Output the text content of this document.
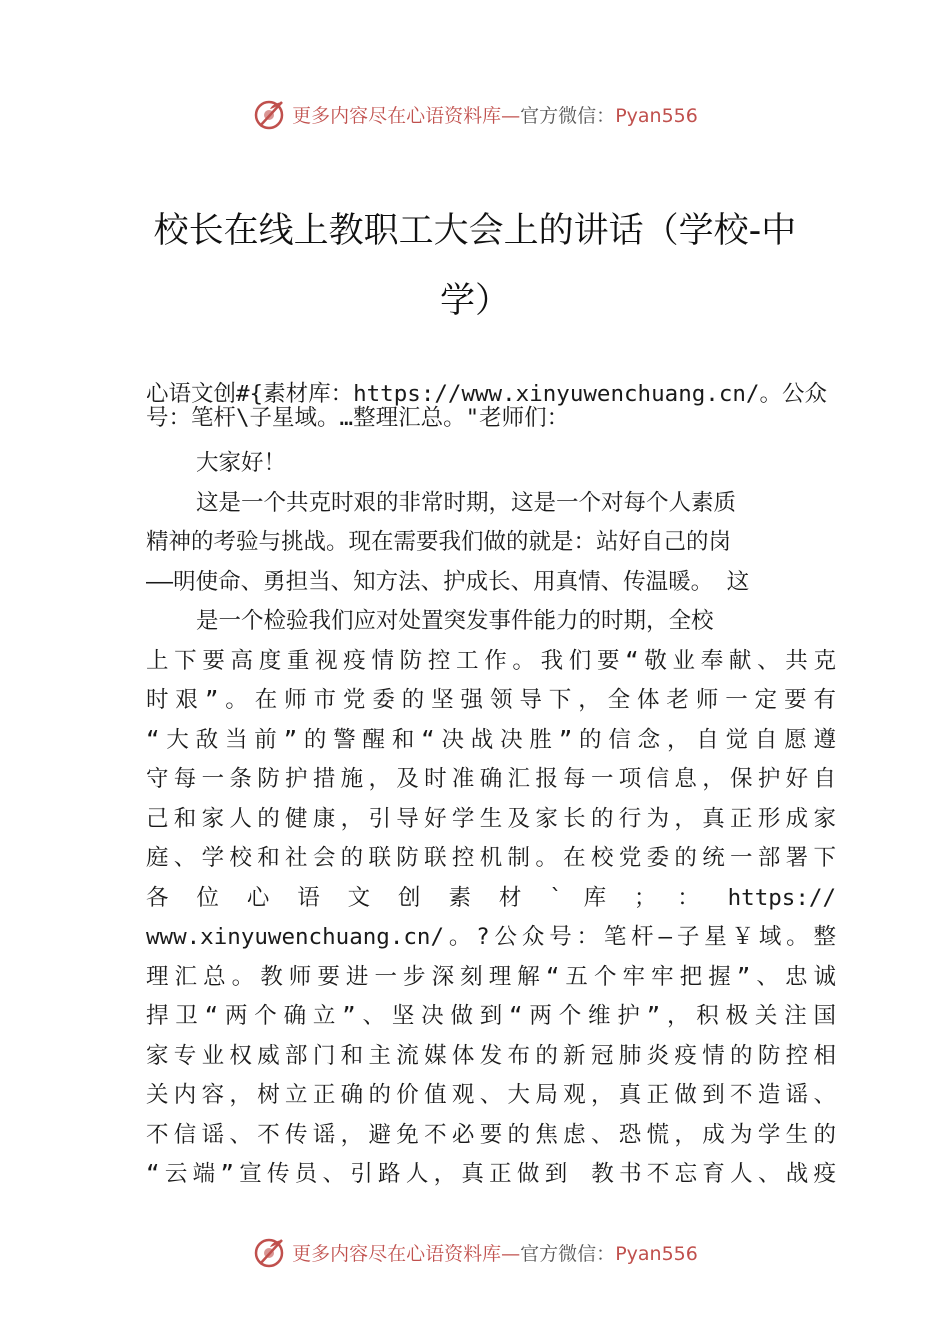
更多内容尽在心语资料库—官方微信：Pyan556
校长在线上教职工大会上的讲话（学校-中
学）
心语文创#{素材库：https://www.xinyuwenchuang.cn/。公众
号：笔杆\子星域。…整理汇总。"老师们：
大家好！
这是一个共克时艰的非常时期，这是一个对每个人素质
精神的考验与挑战。现在需要我们做的就是：站好自己的岗
——明使命、勇担当、知方法、护成长、用真情、传温暖。 这
是一个检验我们应对处置突发事件能力的时期，全校
上下要高度重视疫情防控工作。我们要“敬业奉献、共克
时艰”。在师市党委的坚强领导下，全体老师一定要有
“大敌当前”的警醒和“决战决胜”的信念，自觉自愿遵
守每一条防护措施，及时准确汇报每一项信息，保护好自
己和家人的健康，引导好学生及家长的行为，真正形成家
庭、学校和社会的联防联控机制。在校党委的统一部署下
各 位 心 语 文 创 素 材 ` 库 ； ： https://
www.xinyuwenchuang.cn/。?公众号：笔杆—子星￥域。整
理汇总。教师要进一步深刻理解“五个牢牢把握”、忠诚
捍卫“两个确立”、坚决做到“两个维护”，积极关注国
家专业权威部门和主流媒体发布的新冠肺炎疫情的防控相
关内容，树立正确的价值观、大局观，真正做到不造谣、
不信谣、不传谣，避免不必要的焦虑、恐慌，成为学生的
“云端”宣传员、引路人，真正做到 教书不忘育人、战疫
更多内容尽在心语资料库—官方微信：Pyan556
